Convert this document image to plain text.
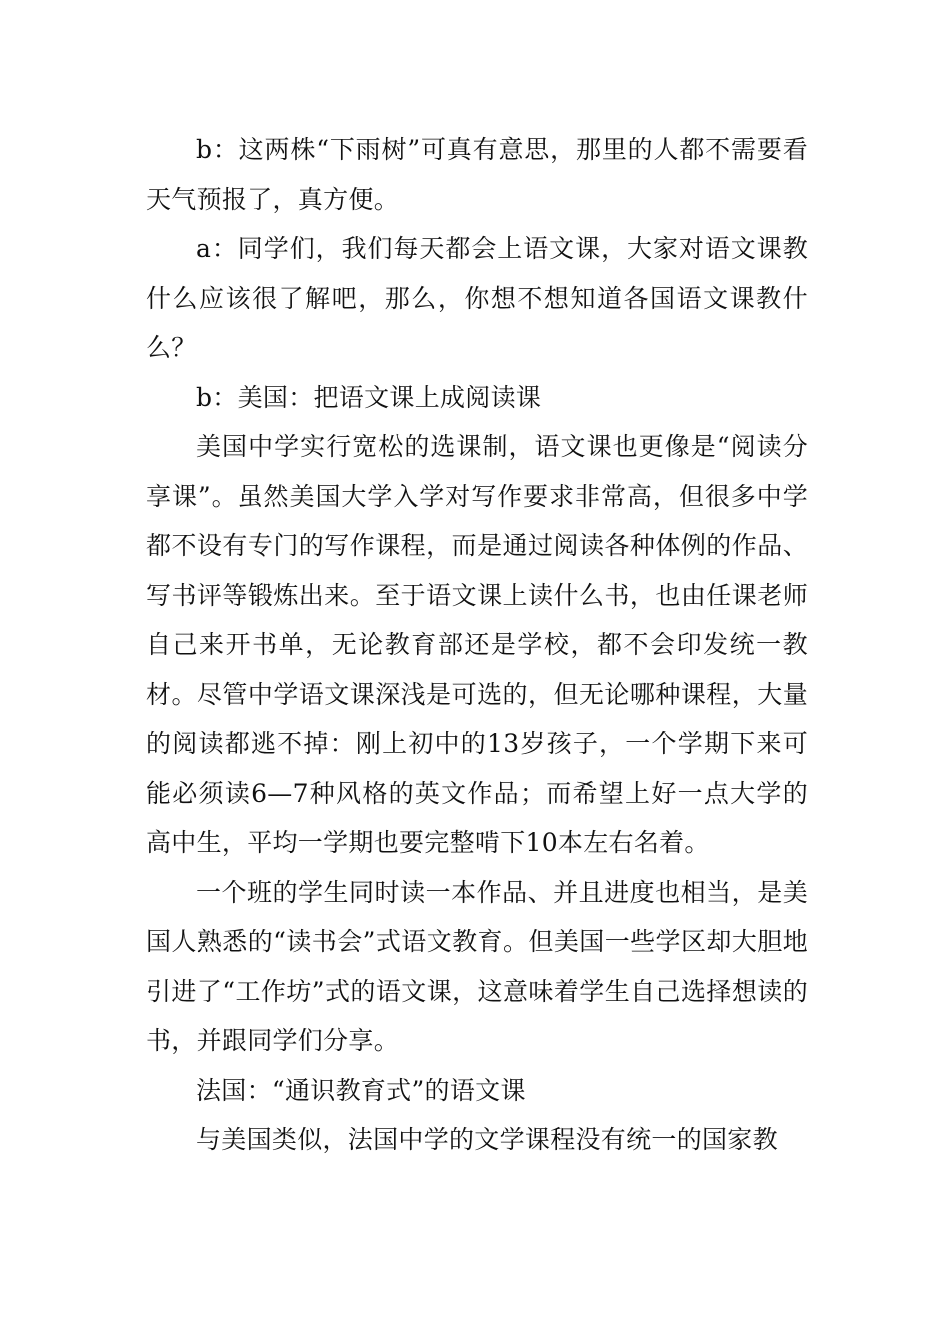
b：这两株“下雨树”可真有意思，那里的人都不需要看天气预报了，真方便。

a：同学们，我们每天都会上语文课，大家对语文课教什么应该很了解吧，那么，你想不想知道各国语文课教什么？

b：美国：把语文课上成阅读课

美国中学实行宽松的选课制，语文课也更像是“阅读分享课”。虽然美国大学入学对写作要求非常高，但很多中学都不设有专门的写作课程，而是通过阅读各种体例的作品、写书评等锻炼出来。至于语文课上读什么书，也由任课老师自己来开书单，无论教育部还是学校，都不会印发统一教材。尽管中学语文课深浅是可选的，但无论哪种课程，大量的阅读都逃不掉：刚上初中的13岁孩子，一个学期下来可能必须读6—7种风格的英文作品；而希望上好一点大学的高中生，平均一学期也要完整啃下10本左右名着。

一个班的学生同时读一本作品、并且进度也相当，是美国人熟悉的“读书会”式语文教育。但美国一些学区却大胆地引进了“工作坊”式的语文课，这意味着学生自己选择想读的书，并跟同学们分享。

法国：“通识教育式”的语文课

与美国类似，法国中学的文学课程没有统一的国家教
